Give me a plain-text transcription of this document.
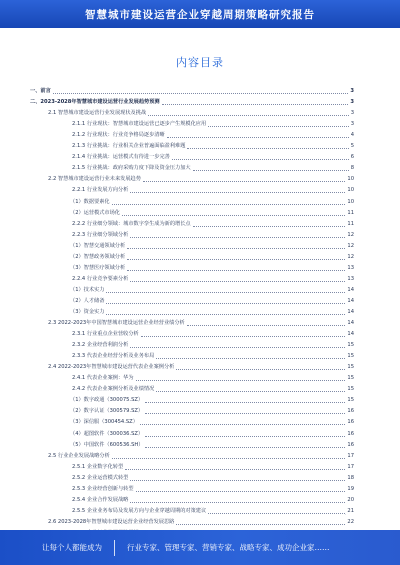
智慧城市建设运营企业穿越周期策略研究报告
内容目录
一、前言	3
二、2023-2028年智慧城市建设运营行业发展趋势预测	3
2.1 智慧城市建设运营行业发展现状及挑战	3
2.1.1 行业现状：智慧城市建设运营已逐步产生规模化应用	3
2.1.2 行业现状：行业竞争格局逐步清晰	4
2.1.3 行业挑战：行业相关企业普遍面临盈利难题	5
2.1.4 行业挑战：运营模式有待进一步完善	6
2.1.5 行业挑战：政府采购力度下降及资金压力加大	8
2.2 智慧城市建设运营行业未来发展趋势	10
2.2.1 行业发展方向分析	10
（1）数据要素化	10
（2）运营模式市场化	11
2.2.2 行业细分领域：城市数字孪生成为新的增长点	11
2.2.3 行业细分领域分析	12
（1）智慧交通领域分析	12
（2）智慧政务领域分析	12
（3）智慧医疗领域分析	13
2.2.4 行业竞争要素分析	13
（1）技术实力	14
（2）人才储备	14
（3）资金实力	14
2.3 2022-2023年中国智慧城市建设运营企业经营业绩分析	14
2.3.1 行业重点企业营收分析	14
2.3.2 企业经营利润分析	15
2.3.3 代表企业经营分析及业务布局	15
2.4 2022-2023年智慧城市建设运营代表企业案例分析	15
2.4.1 代表企业案例：华为	15
2.4.2 代表企业案例分析及业绩情况	15
（1）数字政通（300075.SZ）	15
（2）数字认证（300579.SZ）	16
（3）深信服（300454.SZ）	16
（4）超图软件（300036.SZ）	16
（5）中国软件（600536.SH）	16
2.5 行业企业发展战略分析	17
2.5.1 企业数字化转型	17
2.5.2 企业运营模式转型	18
2.5.3 企业经营创新与转型	19
2.5.4 企业合作发展战略	20
2.5.5 企业业务布局及发展方向与企业穿越周期的对策建议	21
2.6 2023-2028年智慧城市建设运营企业经营发展思路	22
·
让每个人都能成为	行业专家、管理专家、营销专家、战略专家、成功企业家……
